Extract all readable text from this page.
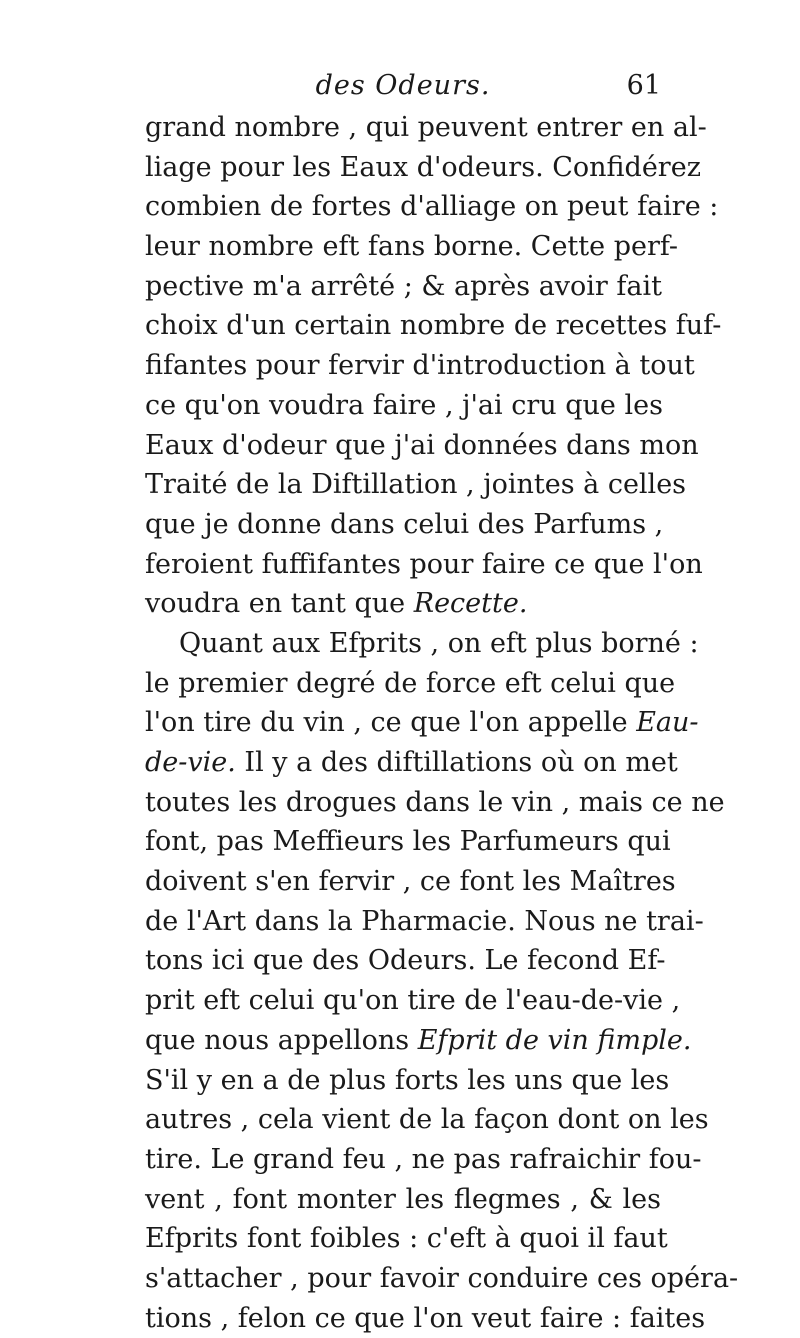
des Odeurs.	61
grand nombre , qui peuvent entrer en al-
liage pour les Eaux d'odeurs. Confidérez
combien de fortes d'alliage on peut faire :
leur nombre eft fans borne. Cette perf-
pective m'a arrêté ; & après avoir fait
choix d'un certain nombre de recettes fuf-
fifantes pour fervir d'introduction à tout
ce qu'on voudra faire , j'ai cru que les
Eaux d'odeur que j'ai données dans mon
Traité de la Diftillation , jointes à celles
que je donne dans celui des Parfums ,
feroient fuffifantes pour faire ce que l'on
voudra en tant que Recette.
Quant aux Efprits , on eft plus borné :
le premier degré de force eft celui que
l'on tire du vin , ce que l'on appelle Eau-
de-vie. Il y a des diftillations où on met
toutes les drogues dans le vin , mais ce ne
font, pas Meffieurs les Parfumeurs qui
doivent s'en fervir , ce font les Maîtres
de l'Art dans la Pharmacie. Nous ne trai-
tons ici que des Odeurs. Le fecond Ef-
prit eft celui qu'on tire de l'eau-de-vie ,
que nous appellons Efprit de vin fimple.
S'il y en a de plus forts les uns que les
autres , cela vient de la façon dont on les
tire. Le grand feu , ne pas rafraichir fou-
vent , font monter les flegmes , & les
Efprits font foibles : c'eft à quoi il faut
s'attacher , pour favoir conduire ces opéra-
tions , felon ce que l'on veut faire : faites
